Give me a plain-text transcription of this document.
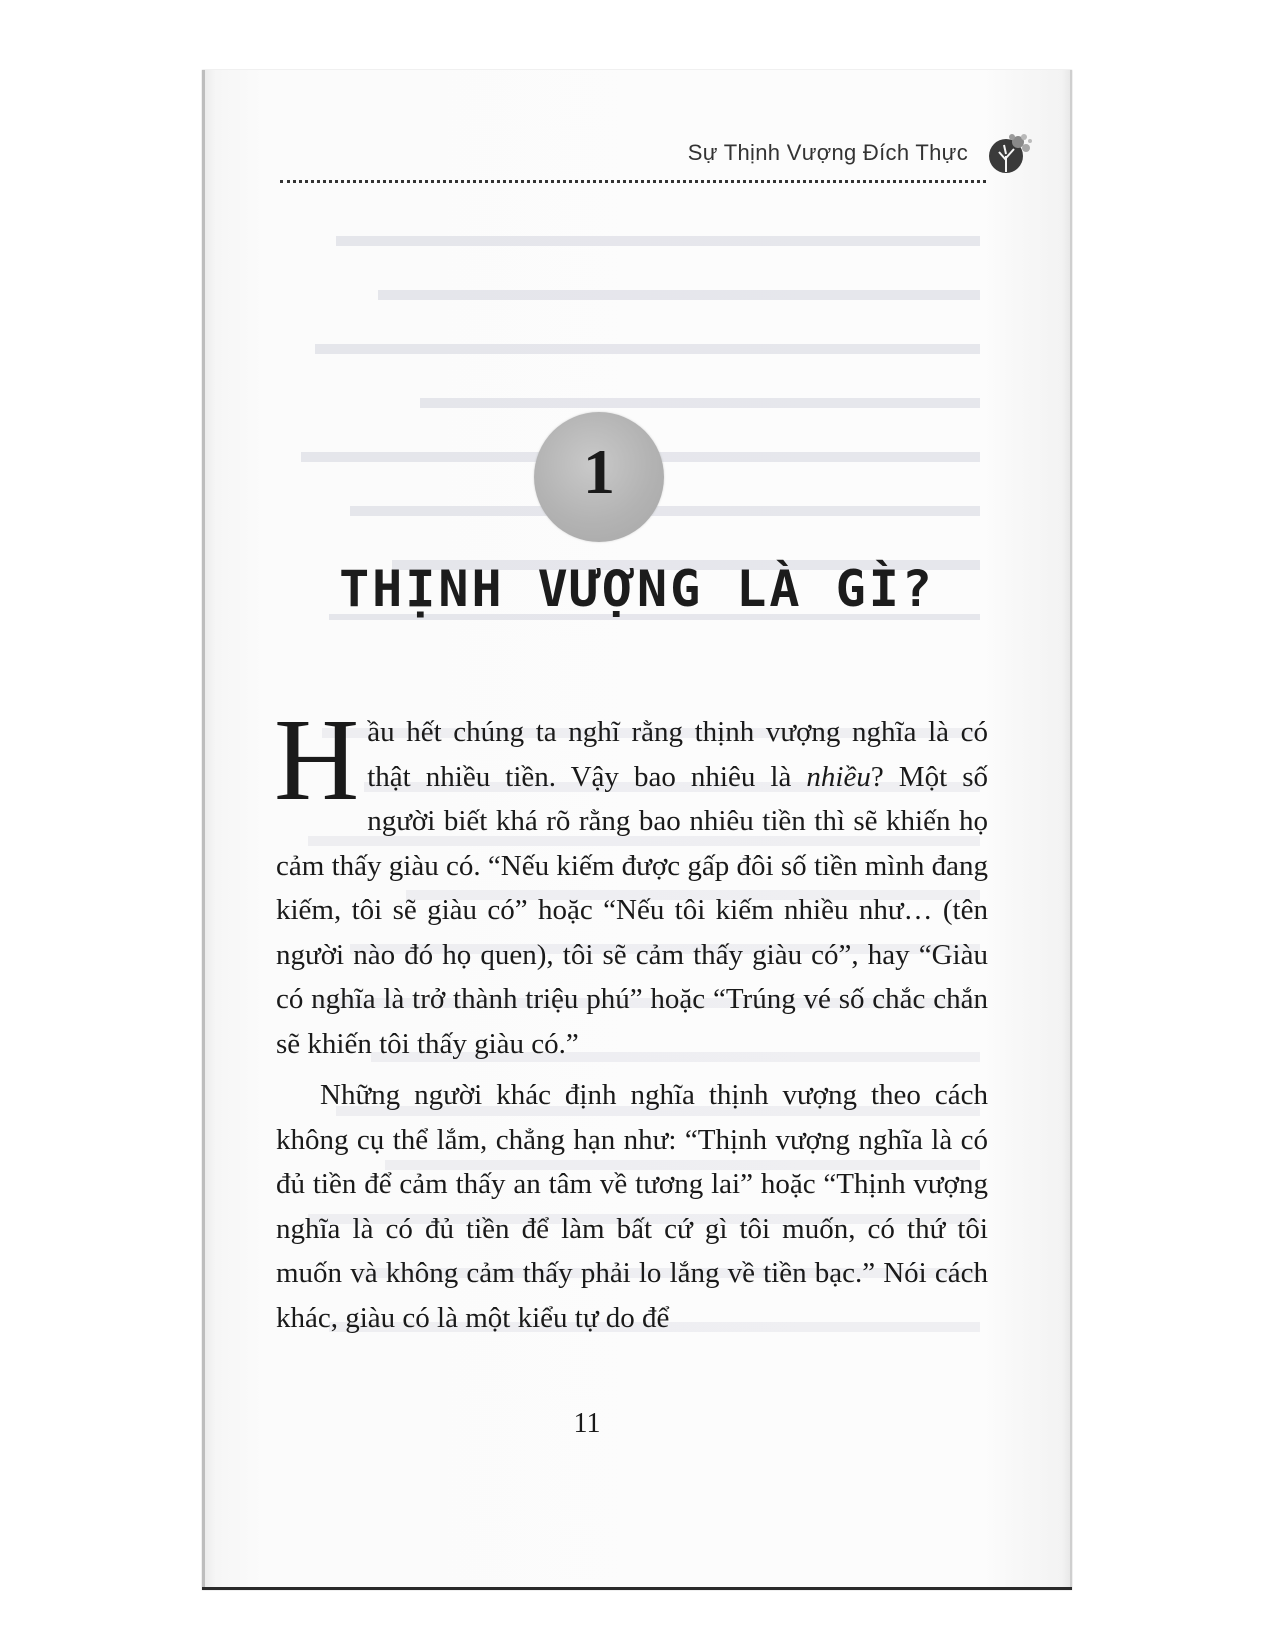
Sự Thịnh Vượng Đích Thực
1
THỊNH VƯỢNG LÀ GÌ?
Hầu hết chúng ta nghĩ rằng thịnh vượng nghĩa là có thật nhiều tiền. Vậy bao nhiêu là nhiều? Một số người biết khá rõ rằng bao nhiêu tiền thì sẽ khiến họ cảm thấy giàu có. “Nếu kiếm được gấp đôi số tiền mình đang kiếm, tôi sẽ giàu có” hoặc “Nếu tôi kiếm nhiều như… (tên người nào đó họ quen), tôi sẽ cảm thấy giàu có”, hay “Giàu có nghĩa là trở thành triệu phú” hoặc “Trúng vé số chắc chắn sẽ khiến tôi thấy giàu có.”
Những người khác định nghĩa thịnh vượng theo cách không cụ thể lắm, chẳng hạn như: “Thịnh vượng nghĩa là có đủ tiền để cảm thấy an tâm về tương lai” hoặc “Thịnh vượng nghĩa là có đủ tiền để làm bất cứ gì tôi muốn, có thứ tôi muốn và không cảm thấy phải lo lắng về tiền bạc.” Nói cách khác, giàu có là một kiểu tự do để
11
